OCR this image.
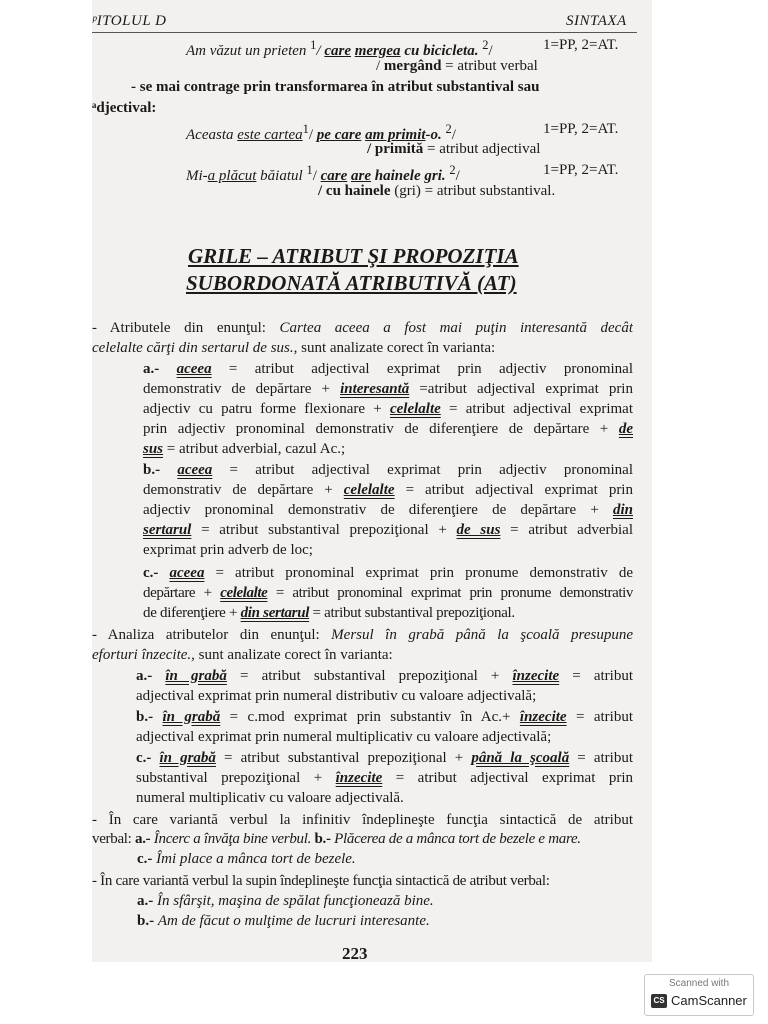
ᵖITOLUL D	SINTAXA
Am văzut un prieten $^1$/ care mergea cu bicicleta. $^2$/	1=PP, 2=AT.
/ mergând = atribut verbal
- se mai contrage prin transformarea în atribut substantival sau
ᵃdjectival:
Aceasta este cartea$^1$/ pe care am primit-o. $^2$/	1=PP, 2=AT.
/ primită = atribut adjectival
Mi-a plăcut băiatul $^1$/ care are hainele gri. $^2$/	1=PP, 2=AT.
/ cu hainele (gri) = atribut substantival.
GRILE – ATRIBUT ŞI PROPOZIŢIA
SUBORDONATĂ ATRIBUTIVĂ (AT)
- Atributele din enunţul: Cartea aceea a fost mai puţin interesantă decât
celelalte cărţi din sertarul de sus., sunt analizate corect în varianta:
a.- aceea = atribut adjectival exprimat prin adjectiv pronominal
demonstrativ de depărtare + interesantă =atribut adjectival exprimat prin
adjectiv cu patru forme flexionare + celelalte = atribut adjectival exprimat
prin adjectiv pronominal demonstrativ de diferenţiere de depărtare + de
sus = atribut adverbial, cazul Ac.;
b.- aceea = atribut adjectival exprimat prin adjectiv pronominal
demonstrativ de depărtare + celelalte = atribut adjectival exprimat prin
adjectiv pronominal demonstrativ de diferenţiere de depărtare + din
sertarul = atribut substantival prepoziţional + de sus = atribut adverbial
exprimat prin adverb de loc;
c.- aceea = atribut pronominal exprimat prin pronume demonstrativ de
depărtare + celelalte = atribut pronominal exprimat prin pronume demonstrativ
de diferenţiere + din sertarul = atribut substantival prepoziţional.
- Analiza atributelor din enunţul: Mersul în grabă până la şcoală presupune
eforturi înzecite., sunt analizate corect în varianta:
a.- în grabă = atribut substantival prepoziţional + înzecite = atribut
adjectival exprimat prin numeral distributiv cu valoare adjectivală;
b.- în grabă = c.mod exprimat prin substantiv în Ac.+ înzecite = atribut
adjectival exprimat prin numeral multiplicativ cu valoare adjectivală;
c.- în grabă = atribut substantival prepoziţional + până la şcoală = atribut
substantival prepoziţional + înzecite = atribut adjectival exprimat prin
numeral multiplicativ cu valoare adjectivală.
- În care variantă verbul la infinitiv îndeplineşte funcţia sintactică de atribut
verbal: a.- Încerc a învăţa bine verbul. b.- Plăcerea de a mânca tort de bezele e mare.
c.- Îmi place a mânca tort de bezele.
- În care variantă verbul la supin îndeplineşte funcţia sintactică de atribut verbal:
a.- În sfârşit, maşina de spălat funcţionează bine.
b.- Am de făcut o mulţime de lucruri interesante.
223
Scanned with
CS CamScanner
